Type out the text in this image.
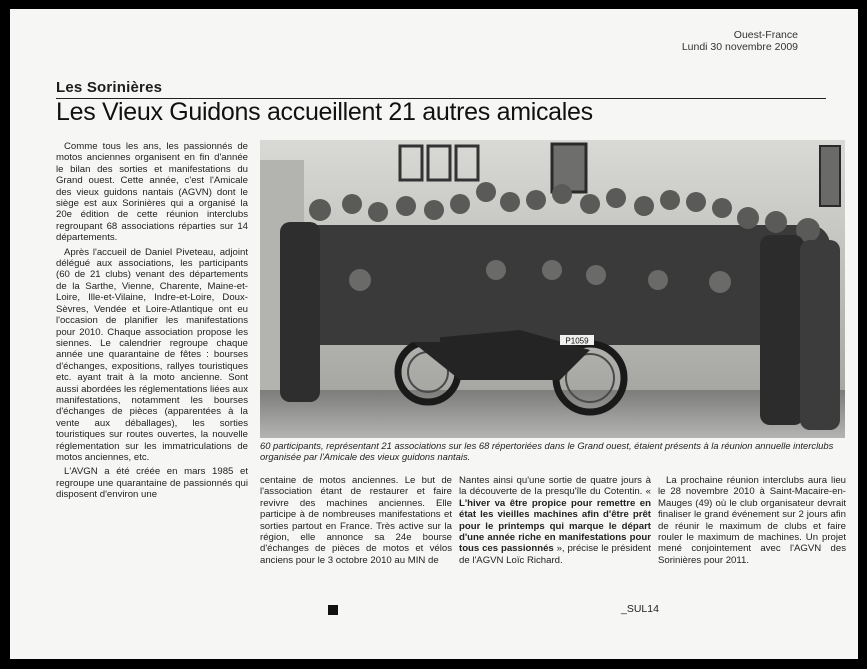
Ouest-France
Lundi 30 novembre 2009
Les Sorinières
Les Vieux Guidons accueillent 21 autres amicales

Comme tous les ans, les passionnés de motos anciennes organisent en fin d'année le bilan des sorties et manifestations du Grand ouest. Cette année, c'est l'Amicale des vieux guidons nantais (AGVN) dont le siège est aux Sorinières qui a organisé la 20e édition de cette réunion interclubs regroupant 68 associations réparties sur 14 départements.

Après l'accueil de Daniel Piveteau, adjoint délégué aux associations, les participants (60 de 21 clubs) venant des départements de la Sarthe, Vienne, Charente, Maine-et-Loire, Ille-et-Vilaine, Indre-et-Loire, Doux-Sèvres, Vendée et Loire-Atlantique ont eu l'occasion de planifier les manifestations pour 2010. Chaque association propose les siennes. Le calendrier regroupe chaque année une quarantaine de fêtes : bourses d'échanges, expositions, rallyes touristiques etc. ayant trait à la moto ancienne. Sont aussi abordées les réglementations liées aux manifestations, notamment les bourses d'échanges de pièces (apparentées à la vente aux déballages), les sorties touristiques sur routes ouvertes, la nouvelle réglementation sur les immatriculations de motos anciennes, etc.

L'AVGN a été créée en mars 1985 et regroupe une quarantaine de passionnés qui disposent d'environ une

P1059
60 participants, représentant 21 associations sur les 68 répertoriées dans le Grand ouest, étaient présents à la réunion annuelle interclubs organisée par l'Amicale des vieux guidons nantais.

centaine de motos anciennes. Le but de l'association étant de restaurer et faire revivre des machines anciennes. Elle participe à de nombreuses manifestations et sorties partout en France. Très active sur la région, elle annonce sa 24e bourse d'échanges de pièces de motos et vélos anciens pour le 3 octobre 2010 au MIN de

Nantes ainsi qu'une sortie de quatre jours à la découverte de la presqu'île du Cotentin. « L'hiver va être propice pour remettre en état les vieilles machines afin d'être prêt pour le printemps qui marque le départ d'une année riche en manifestations pour tous ces passionnés », précise le président de l'AGVN Loïc Richard.

La prochaine réunion interclubs aura lieu le 28 novembre 2010 à Saint-Macaire-en-Mauges (49) où le club organisateur devrait finaliser le grand événement sur 2 jours afin de réunir le maximum de clubs et faire rouler le maximum de machines. Un projet mené conjointement avec l'AGVN des Sorinières pour 2011.

_SUL14
